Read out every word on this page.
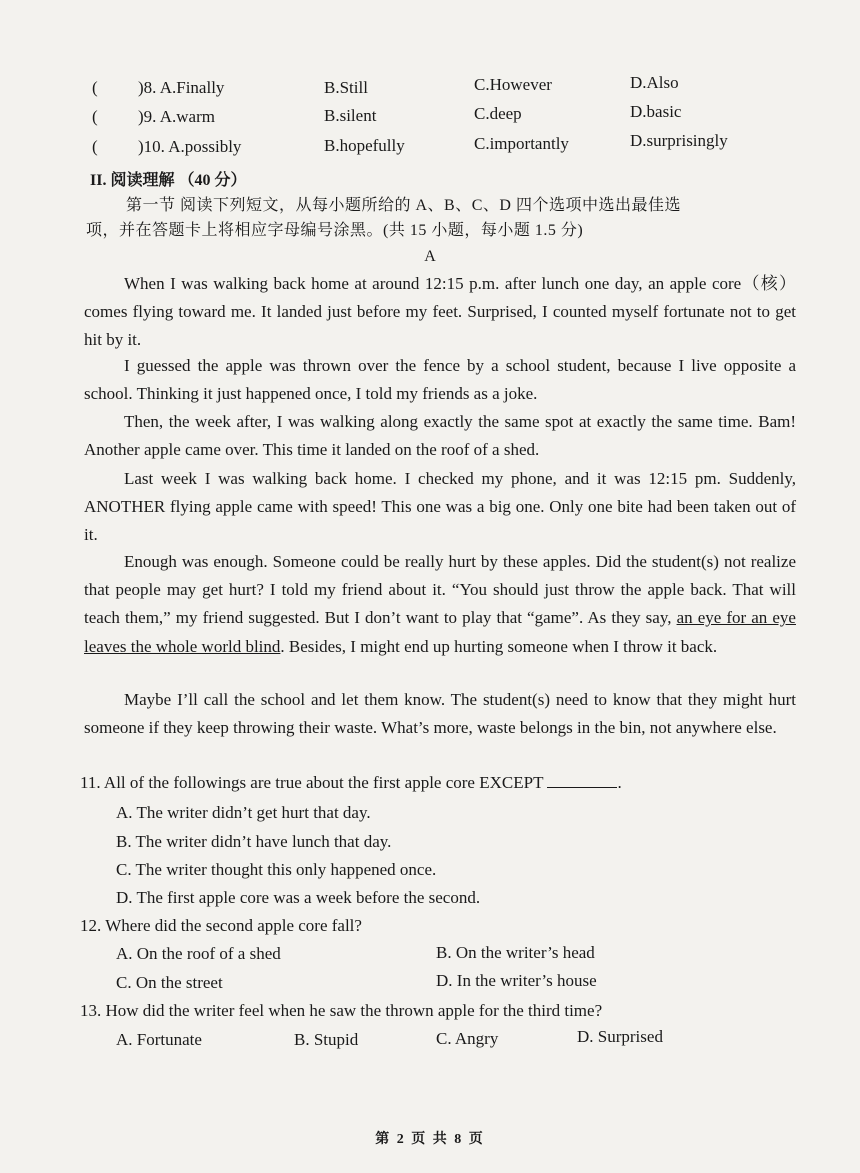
( )8. A.Finally	B.Still	C.However	D.Also
( )9. A.warm	B.silent	C.deep	D.basic
( )10. A.possibly	B.hopefully	C.importantly	D.surprisingly
II. 阅读理解 （40 分）
第一节 阅读下列短文，从每小题所给的 A、B、C、D 四个选项中选出最佳选
项，并在答题卡上将相应字母编号涂黑。(共 15 小题，每小题 1.5 分)
A
When I was walking back home at around 12:15 p.m. after lunch one day, an apple core（核）comes flying toward me. It landed just before my feet. Surprised, I counted myself fortunate not to get hit by it.
I guessed the apple was thrown over the fence by a school student, because I live opposite a school. Thinking it just happened once, I told my friends as a joke.
Then, the week after, I was walking along exactly the same spot at exactly the same time. Bam! Another apple came over. This time it landed on the roof of a shed.
Last week I was walking back home. I checked my phone, and it was 12:15 pm. Suddenly, ANOTHER flying apple came with speed! This one was a big one. Only one bite had been taken out of it.
Enough was enough. Someone could be really hurt by these apples. Did the student(s) not realize that people may get hurt? I told my friend about it. “You should just throw the apple back. That will teach them,” my friend suggested. But I don’t want to play that “game”. As they say, an eye for an eye leaves the whole world blind. Besides, I might end up hurting someone when I throw it back.
Maybe I’ll call the school and let them know. The student(s) need to know that they might hurt someone if they keep throwing their waste. What’s more, waste belongs in the bin, not anywhere else.
11. All of the followings are true about the first apple core EXCEPT	.
A. The writer didn’t get hurt that day.
B. The writer didn’t have lunch that day.
C. The writer thought this only happened once.
D. The first apple core was a week before the second.
12. Where did the second apple core fall?
A. On the roof of a shed	B. On the writer’s head
C. On the street	D. In the writer’s house
13. How did the writer feel when he saw the thrown apple for the third time?
A. Fortunate	B. Stupid	C. Angry	D. Surprised
第 2 页 共 8 页
